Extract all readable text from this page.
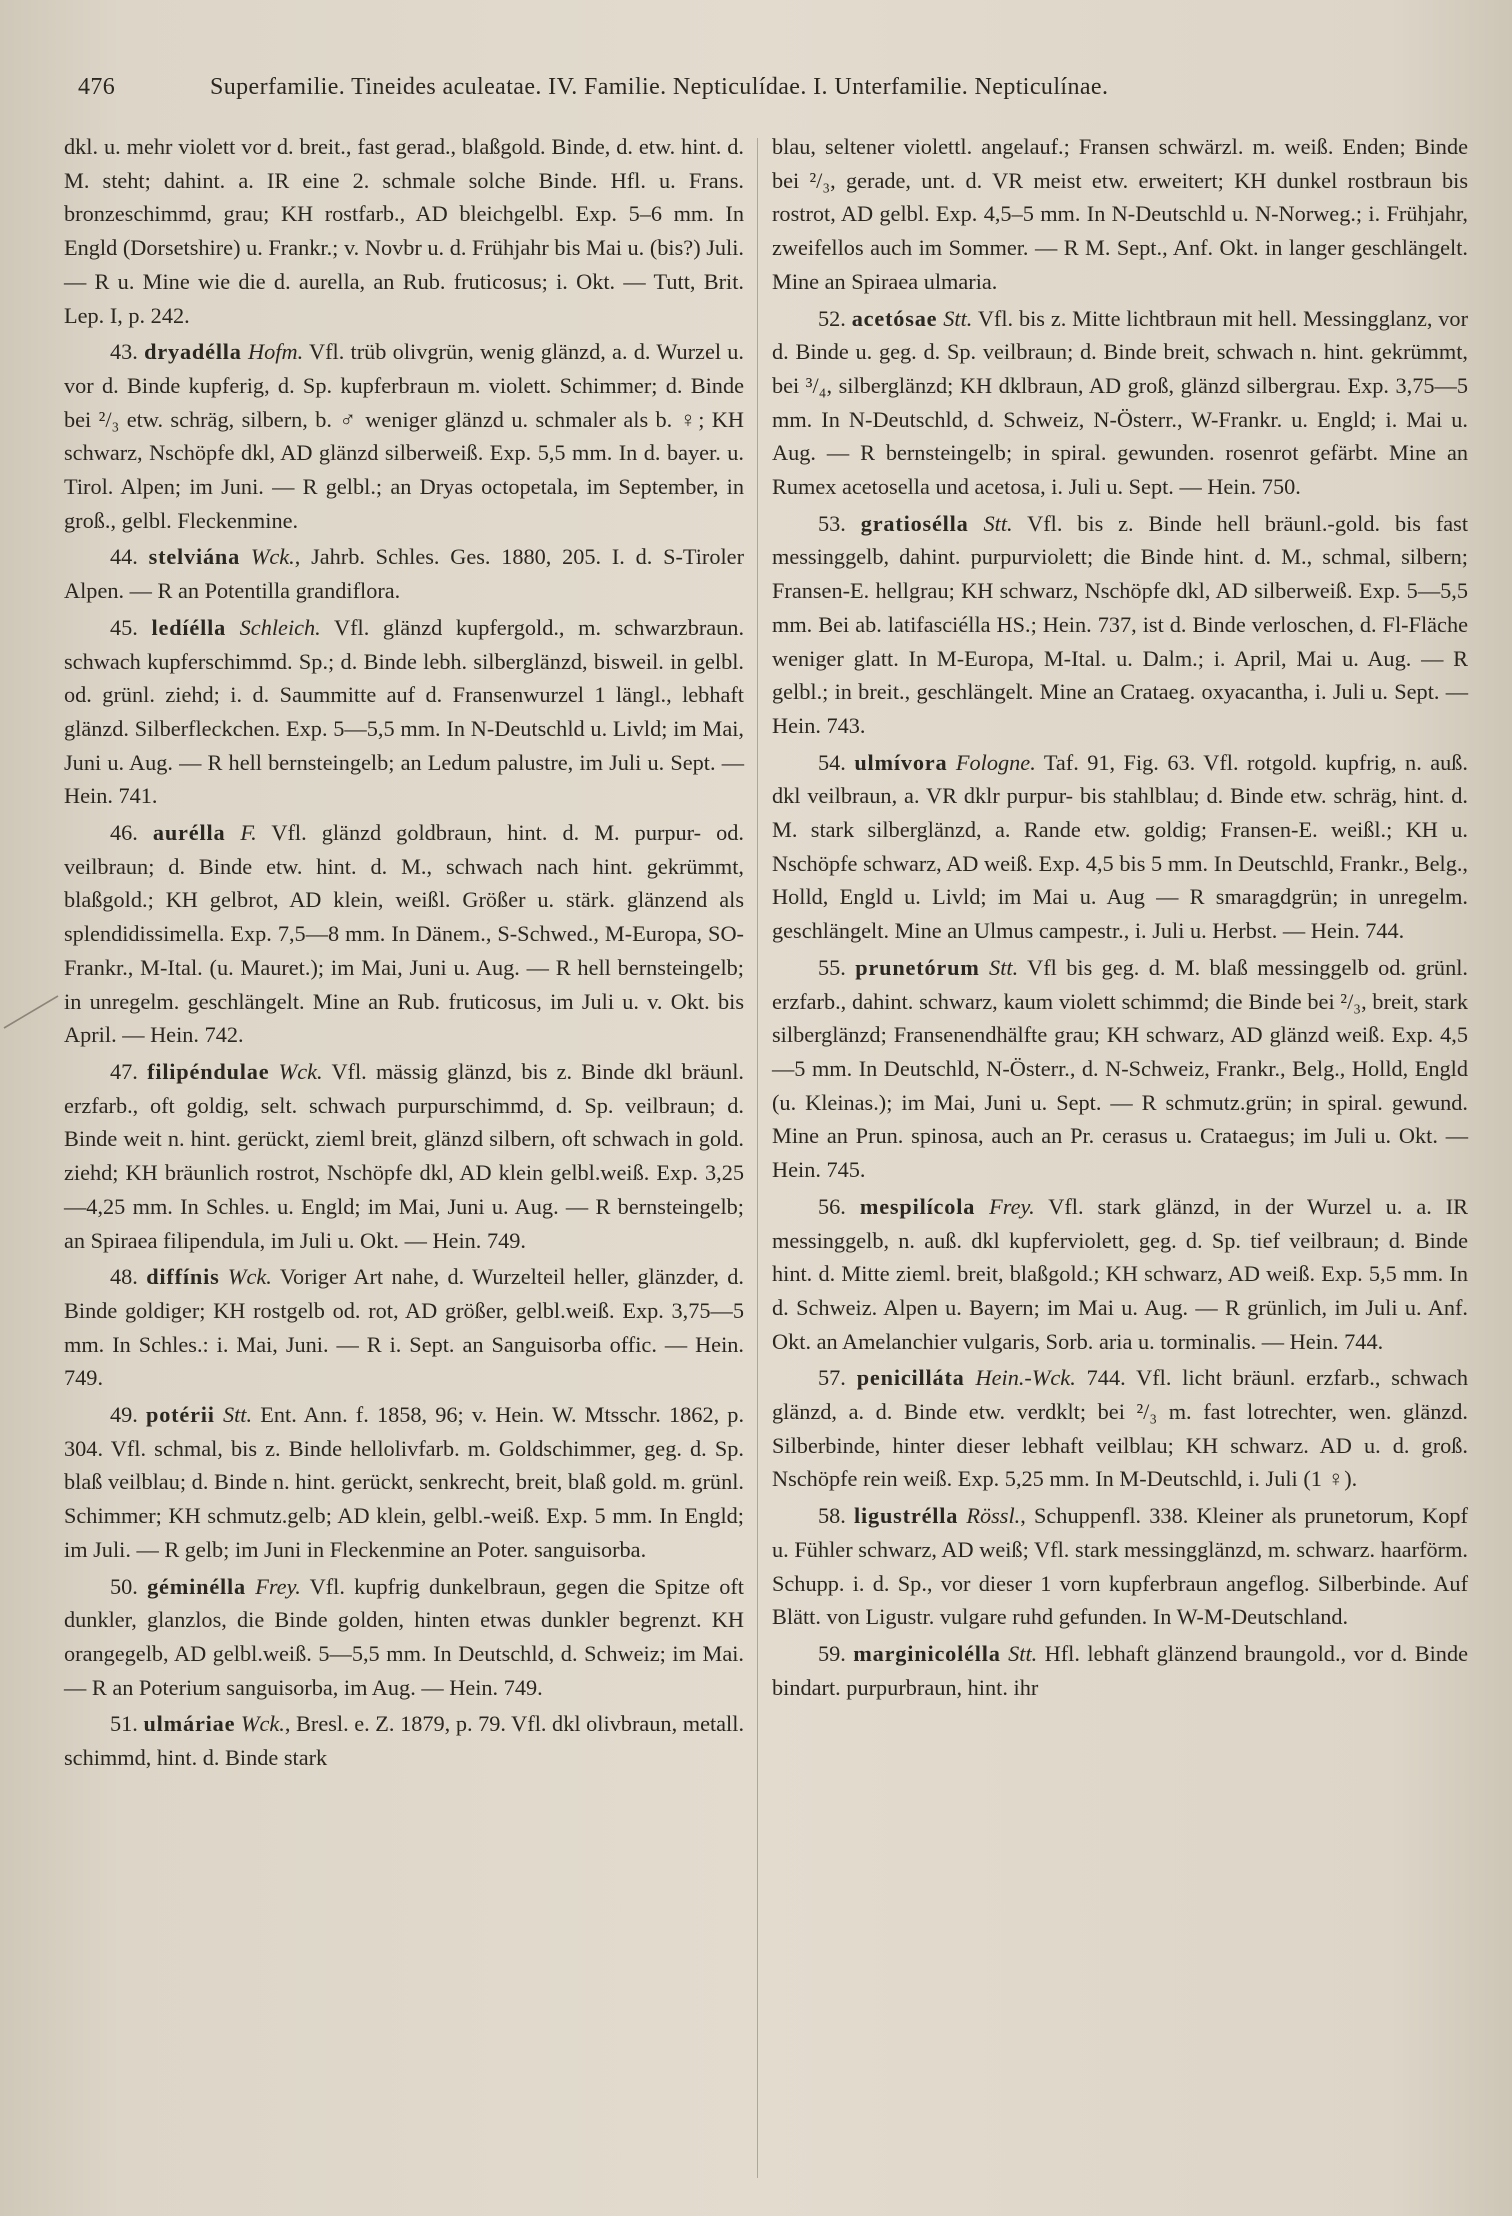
476	Superfamilie. Tineides aculeatae. IV. Familie. Nepticulídae. I. Unterfamilie. Nepticulínae.

dkl. u. mehr violett vor d. breit., fast gerad., blaßgold. Binde, d. etw. hint. d. M. steht; dahint. a. IR eine 2. schmale solche Binde. Hfl. u. Frans. bronzeschimmd, grau; KH rostfarb., AD bleichgelbl. Exp. 5–6 mm. In Engld (Dorsetshire) u. Frankr.; v. Novbr u. d. Frühjahr bis Mai u. (bis?) Juli. — R u. Mine wie die d. aurella, an Rub. fruticosus; i. Okt. — Tutt, Brit. Lep. I, p. 242.

43. dryadélla Hofm. Vfl. trüb olivgrün, wenig glänzd, a. d. Wurzel u. vor d. Binde kupferig, d. Sp. kupferbraun m. violett. Schimmer; d. Binde bei ²/₃ etw. schräg, silbern, b. ♂ weniger glänzd u. schmaler als b. ♀; KH schwarz, Nschöpfe dkl, AD glänzd silberweiß. Exp. 5,5 mm. In d. bayer. u. Tirol. Alpen; im Juni. — R gelbl.; an Dryas octopetala, im September, in groß., gelbl. Fleckenmine.

44. stelviána Wck., Jahrb. Schles. Ges. 1880, 205. I. d. S-Tiroler Alpen. — R an Potentilla grandiflora.

45. ledíélla Schleich. Vfl. glänzd kupfergold., m. schwarzbraun. schwach kupferschimmd. Sp.; d. Binde lebh. silberglänzd, bisweil. in gelbl. od. grünl. ziehd; i. d. Saummitte auf d. Fransenwurzel 1 längl., lebhaft glänzd. Silberfleckchen. Exp. 5—5,5 mm. In N-Deutschld u. Livld; im Mai, Juni u. Aug. — R hell bernsteingelb; an Ledum palustre, im Juli u. Sept. — Hein. 741.

46. aurélla F. Vfl. glänzd goldbraun, hint. d. M. purpur- od. veilbraun; d. Binde etw. hint. d. M., schwach nach hint. gekrümmt, blaßgold.; KH gelbrot, AD klein, weißl. Größer u. stärk. glänzend als splendidissimella. Exp. 7,5—8 mm. In Dänem., S-Schwed., M-Europa, SO-Frankr., M-Ital. (u. Mauret.); im Mai, Juni u. Aug. — R hell bernsteingelb; in unregelm. geschlängelt. Mine an Rub. fruticosus, im Juli u. v. Okt. bis April. — Hein. 742.

47. filipéndulae Wck. Vfl. mässig glänzd, bis z. Binde dkl bräunl. erzfarb., oft goldig, selt. schwach purpurschimmd, d. Sp. veilbraun; d. Binde weit n. hint. gerückt, zieml breit, glänzd silbern, oft schwach in gold. ziehd; KH bräunlich rostrot, Nschöpfe dkl, AD klein gelbl.weiß. Exp. 3,25—4,25 mm. In Schles. u. Engld; im Mai, Juni u. Aug. — R bernsteingelb; an Spiraea filipendula, im Juli u. Okt. — Hein. 749.

48. diffínis Wck. Voriger Art nahe, d. Wurzelteil heller, glänzder, d. Binde goldiger; KH rostgelb od. rot, AD größer, gelbl.weiß. Exp. 3,75—5 mm. In Schles.: i. Mai, Juni. — R i. Sept. an Sanguisorba offic. — Hein. 749.

49. potérii Stt. Ent. Ann. f. 1858, 96; v. Hein. W. Mtsschr. 1862, p. 304. Vfl. schmal, bis z. Binde hellolivfarb. m. Goldschimmer, geg. d. Sp. blaß veilblau; d. Binde n. hint. gerückt, senkrecht, breit, blaß gold. m. grünl. Schimmer; KH schmutz.gelb; AD klein, gelbl.-weiß. Exp. 5 mm. In Engld; im Juli. — R gelb; im Juni in Fleckenmine an Poter. sanguisorba.

50. géminélla Frey. Vfl. kupfrig dunkelbraun, gegen die Spitze oft dunkler, glanzlos, die Binde golden, hinten etwas dunkler begrenzt. KH orangegelb, AD gelbl.weiß. 5—5,5 mm. In Deutschld, d. Schweiz; im Mai. — R an Poterium sanguisorba, im Aug. — Hein. 749.

51. ulmáriae Wck., Bresl. e. Z. 1879, p. 79. Vfl. dkl olivbraun, metall. schimmd, hint. d. Binde stark

blau, seltener violettl. angelauf.; Fransen schwärzl. m. weiß. Enden; Binde bei ²/₃, gerade, unt. d. VR meist etw. erweitert; KH dunkel rostbraun bis rostrot, AD gelbl. Exp. 4,5–5 mm. In N-Deutschld u. N-Norweg.; i. Frühjahr, zweifellos auch im Sommer. — R M. Sept., Anf. Okt. in langer geschlängelt. Mine an Spiraea ulmaria.

52. acetósae Stt. Vfl. bis z. Mitte lichtbraun mit hell. Messingglanz, vor d. Binde u. geg. d. Sp. veilbraun; d. Binde breit, schwach n. hint. gekrümmt, bei ³/₄, silberglänzd; KH dklbraun, AD groß, glänzd silbergrau. Exp. 3,75—5 mm. In N-Deutschld, d. Schweiz, N-Österr., W-Frankr. u. Engld; i. Mai u. Aug. — R bernsteingelb; in spiral. gewunden. rosenrot gefärbt. Mine an Rumex acetosella und acetosa, i. Juli u. Sept. — Hein. 750.

53. gratiosélla Stt. Vfl. bis z. Binde hell bräunl.-gold. bis fast messinggelb, dahint. purpurviolett; die Binde hint. d. M., schmal, silbern; Fransen-E. hellgrau; KH schwarz, Nschöpfe dkl, AD silberweiß. Exp. 5—5,5 mm. Bei ab. latifasciélla HS.; Hein. 737, ist d. Binde verloschen, d. Fl-Fläche weniger glatt. In M-Europa, M-Ital. u. Dalm.; i. April, Mai u. Aug. — R gelbl.; in breit., geschlängelt. Mine an Crataeg. oxyacantha, i. Juli u. Sept. — Hein. 743.

54. ulmívora Fologne. Taf. 91, Fig. 63. Vfl. rotgold. kupfrig, n. auß. dkl veilbraun, a. VR dklr purpur- bis stahlblau; d. Binde etw. schräg, hint. d. M. stark silberglänzd, a. Rande etw. goldig; Fransen-E. weißl.; KH u. Nschöpfe schwarz, AD weiß. Exp. 4,5 bis 5 mm. In Deutschld, Frankr., Belg., Holld, Engld u. Livld; im Mai u. Aug — R smaragdgrün; in unregelm. geschlängelt. Mine an Ulmus campestr., i. Juli u. Herbst. — Hein. 744.

55. prunetórum Stt. Vfl bis geg. d. M. blaß messinggelb od. grünl. erzfarb., dahint. schwarz, kaum violett schimmd; die Binde bei ²/₃, breit, stark silberglänzd; Fransenendhälfte grau; KH schwarz, AD glänzd weiß. Exp. 4,5—5 mm. In Deutschld, N-Österr., d. N-Schweiz, Frankr., Belg., Holld, Engld (u. Kleinas.); im Mai, Juni u. Sept. — R schmutz.grün; in spiral. gewund. Mine an Prun. spinosa, auch an Pr. cerasus u. Crataegus; im Juli u. Okt. — Hein. 745.

56. mespilícola Frey. Vfl. stark glänzd, in der Wurzel u. a. IR messinggelb, n. auß. dkl kupferviolett, geg. d. Sp. tief veilbraun; d. Binde hint. d. Mitte zieml. breit, blaßgold.; KH schwarz, AD weiß. Exp. 5,5 mm. In d. Schweiz. Alpen u. Bayern; im Mai u. Aug. — R grünlich, im Juli u. Anf. Okt. an Amelanchier vulgaris, Sorb. aria u. torminalis. — Hein. 744.

57. penicilláta Hein.-Wck. 744. Vfl. licht bräunl. erzfarb., schwach glänzd, a. d. Binde etw. verdklt; bei ²/₃ m. fast lotrechter, wen. glänzd. Silberbinde, hinter dieser lebhaft veilblau; KH schwarz. AD u. d. groß. Nschöpfe rein weiß. Exp. 5,25 mm. In M-Deutschld, i. Juli (1 ♀).

58. ligustrélla Rössl., Schuppenfl. 338. Kleiner als prunetorum, Kopf u. Fühler schwarz, AD weiß; Vfl. stark messingglänzd, m. schwarz. haarförm. Schupp. i. d. Sp., vor dieser 1 vorn kupferbraun angeflog. Silberbinde. Auf Blätt. von Ligustr. vulgare ruhd gefunden. In W-M-Deutschland.

59. marginicolélla Stt. Hfl. lebhaft glänzend braungold., vor d. Binde bindart. purpurbraun, hint. ihr
